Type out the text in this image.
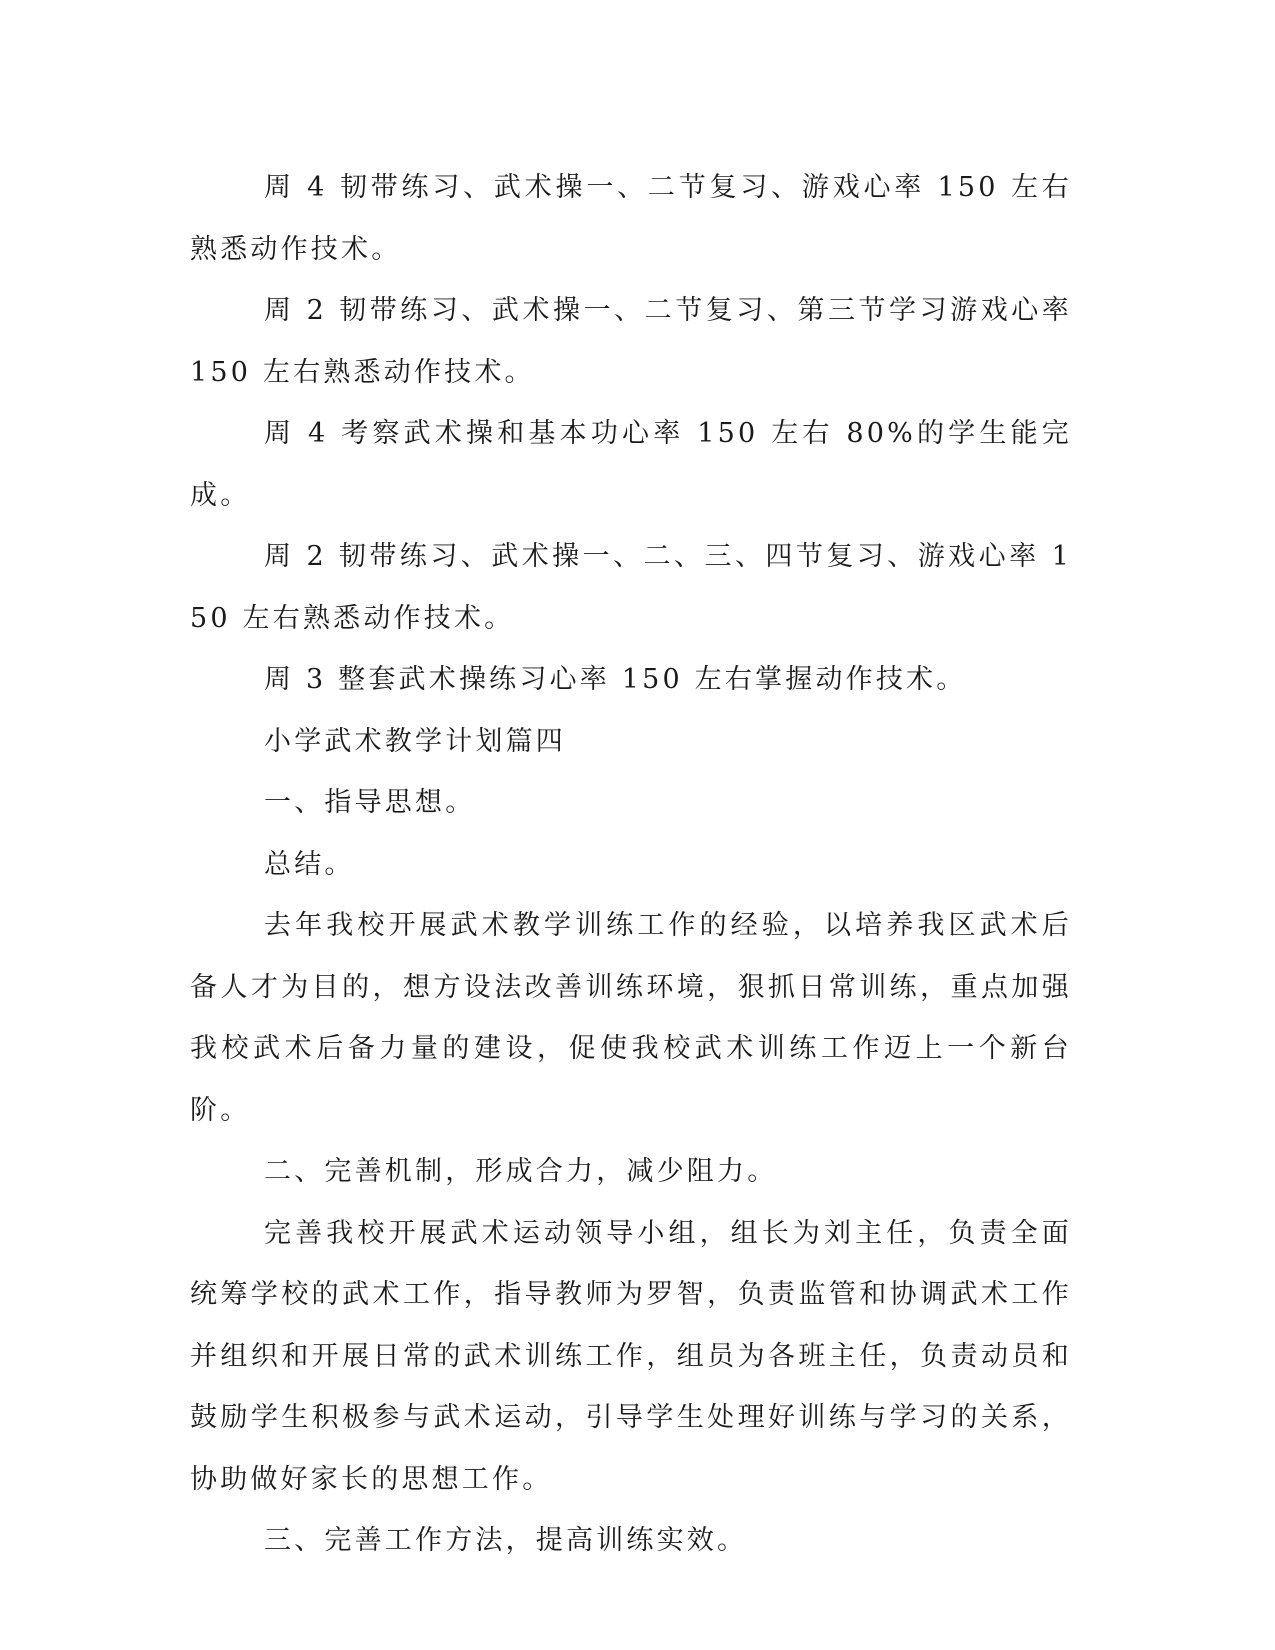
周 4 韧带练习、武术操一、二节复习、游戏心率 150 左右熟悉动作技术。

周 2 韧带练习、武术操一、二节复习、第三节学习游戏心率 150 左右熟悉动作技术。

周 4 考察武术操和基本功心率 150 左右 80%的学生能完成。

周 2 韧带练习、武术操一、二、三、四节复习、游戏心率 150 左右熟悉动作技术。

周 3 整套武术操练习心率 150 左右掌握动作技术。

小学武术教学计划篇四

一、指导思想。

总结。

去年我校开展武术教学训练工作的经验，以培养我区武术后备人才为目的，想方设法改善训练环境，狠抓日常训练，重点加强我校武术后备力量的建设，促使我校武术训练工作迈上一个新台阶。

二、完善机制，形成合力，减少阻力。

完善我校开展武术运动领导小组，组长为刘主任，负责全面统筹学校的武术工作，指导教师为罗智，负责监管和协调武术工作并组织和开展日常的武术训练工作，组员为各班主任，负责动员和鼓励学生积极参与武术运动，引导学生处理好训练与学习的关系，协助做好家长的思想工作。

三、完善工作方法，提高训练实效。
